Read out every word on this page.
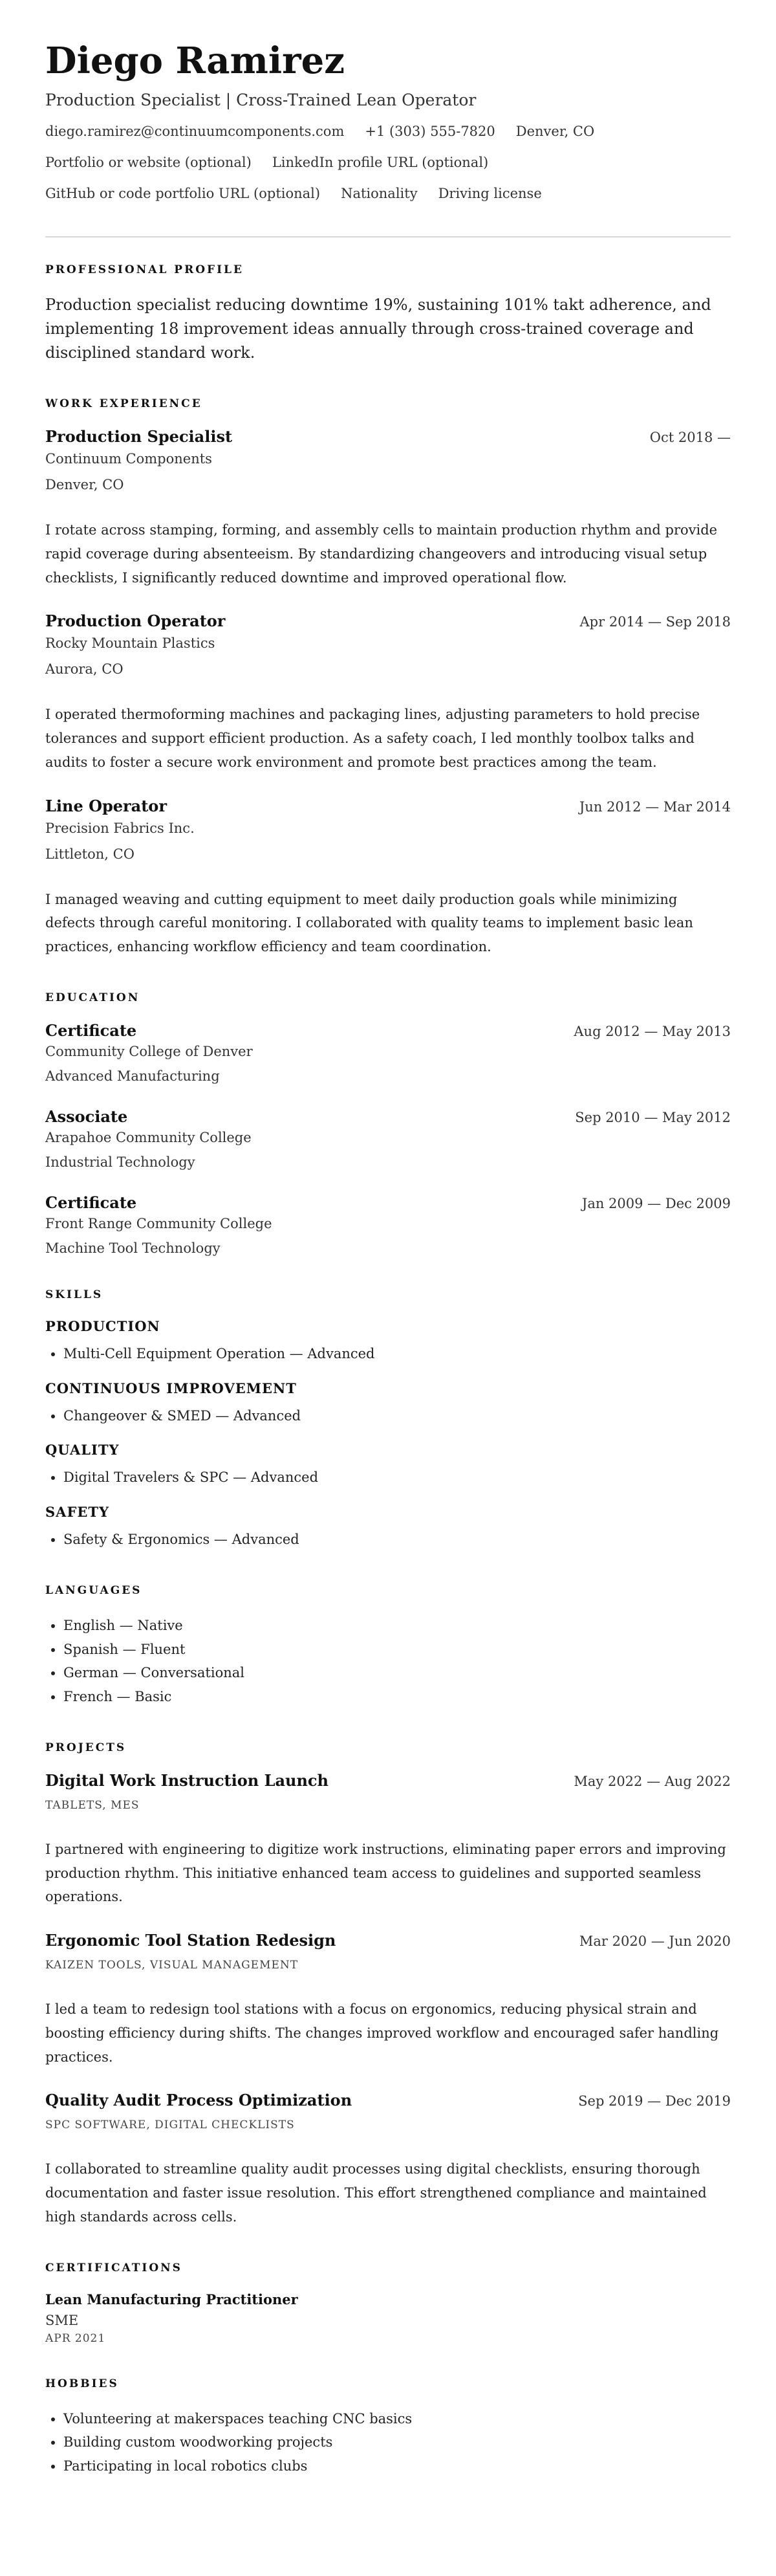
Diego Ramirez
Production Specialist | Cross-Trained Lean Operator
diego.ramirez@continuumcomponents.com +1 (303) 555-7820 Denver, CO
Portfolio or website (optional) LinkedIn profile URL (optional)
GitHub or code portfolio URL (optional) Nationality Driving license
PROFESSIONAL PROFILE
Production specialist reducing downtime 19%, sustaining 101% takt adherence, and implementing 18 improvement ideas annually through cross-trained coverage and disciplined standard work.
WORK EXPERIENCE
Production Specialist	Oct 2018 —
Continuum Components
Denver, CO
I rotate across stamping, forming, and assembly cells to maintain production rhythm and provide rapid coverage during absenteeism. By standardizing changeovers and introducing visual setup checklists, I significantly reduced downtime and improved operational flow.
Production Operator	Apr 2014 — Sep 2018
Rocky Mountain Plastics
Aurora, CO
I operated thermoforming machines and packaging lines, adjusting parameters to hold precise tolerances and support efficient production. As a safety coach, I led monthly toolbox talks and audits to foster a secure work environment and promote best practices among the team.
Line Operator	Jun 2012 — Mar 2014
Precision Fabrics Inc.
Littleton, CO
I managed weaving and cutting equipment to meet daily production goals while minimizing defects through careful monitoring. I collaborated with quality teams to implement basic lean practices, enhancing workflow efficiency and team coordination.
EDUCATION
Certificate	Aug 2012 — May 2013
Community College of Denver
Advanced Manufacturing
Associate	Sep 2010 — May 2012
Arapahoe Community College
Industrial Technology
Certificate	Jan 2009 — Dec 2009
Front Range Community College
Machine Tool Technology
SKILLS
PRODUCTION
• Multi-Cell Equipment Operation — Advanced
CONTINUOUS IMPROVEMENT
• Changeover & SMED — Advanced
QUALITY
• Digital Travelers & SPC — Advanced
SAFETY
• Safety & Ergonomics — Advanced
LANGUAGES
• English — Native
• Spanish — Fluent
• German — Conversational
• French — Basic
PROJECTS
Digital Work Instruction Launch	May 2022 — Aug 2022
TABLETS, MES
I partnered with engineering to digitize work instructions, eliminating paper errors and improving production rhythm. This initiative enhanced team access to guidelines and supported seamless operations.
Ergonomic Tool Station Redesign	Mar 2020 — Jun 2020
KAIZEN TOOLS, VISUAL MANAGEMENT
I led a team to redesign tool stations with a focus on ergonomics, reducing physical strain and boosting efficiency during shifts. The changes improved workflow and encouraged safer handling practices.
Quality Audit Process Optimization	Sep 2019 — Dec 2019
SPC SOFTWARE, DIGITAL CHECKLISTS
I collaborated to streamline quality audit processes using digital checklists, ensuring thorough documentation and faster issue resolution. This effort strengthened compliance and maintained high standards across cells.
CERTIFICATIONS
Lean Manufacturing Practitioner
SME
APR 2021
HOBBIES
• Volunteering at makerspaces teaching CNC basics
• Building custom woodworking projects
• Participating in local robotics clubs
